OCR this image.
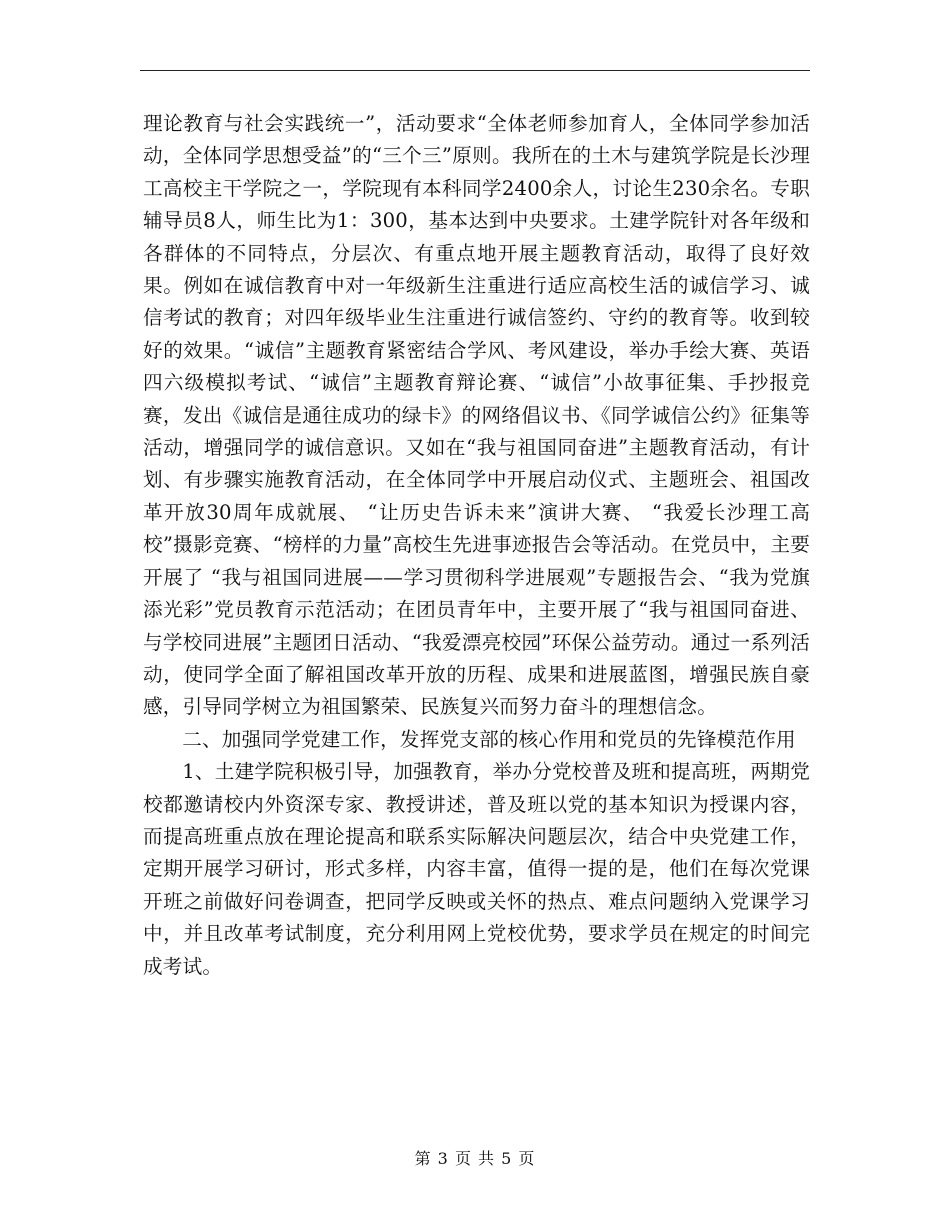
理论教育与社会实践统一”，活动要求“全体老师参加育人，全体同学参加活动，全体同学思想受益”的“三个三”原则。我所在的土木与建筑学院是长沙理工高校主干学院之一，学院现有本科同学2400余人，讨论生230余名。专职辅导员8人，师生比为1：300，基本达到中央要求。土建学院针对各年级和各群体的不同特点，分层次、有重点地开展主题教育活动，取得了良好效果。例如在诚信教育中对一年级新生注重进行适应高校生活的诚信学习、诚信考试的教育；对四年级毕业生注重进行诚信签约、守约的教育等。收到较好的效果。“诚信”主题教育紧密结合学风、考风建设，举办手绘大赛、英语四六级模拟考试、“诚信”主题教育辩论赛、“诚信”小故事征集、手抄报竞赛，发出《诚信是通往成功的绿卡》的网络倡议书、《同学诚信公约》征集等活动，增强同学的诚信意识。又如在“我与祖国同奋进”主题教育活动，有计划、有步骤实施教育活动，在全体同学中开展启动仪式、主题班会、祖国改革开放30周年成就展、 “让历史告诉未来”演讲大赛、 “我爱长沙理工高校”摄影竞赛、“榜样的力量”高校生先进事迹报告会等活动。在党员中，主要开展了 “我与祖国同进展——学习贯彻科学进展观”专题报告会、“我为党旗添光彩”党员教育示范活动；在团员青年中，主要开展了“我与祖国同奋进、与学校同进展”主题团日活动、“我爱漂亮校园”环保公益劳动。通过一系列活动，使同学全面了解祖国改革开放的历程、成果和进展蓝图，增强民族自豪感，引导同学树立为祖国繁荣、民族复兴而努力奋斗的理想信念。

二、加强同学党建工作，发挥党支部的核心作用和党员的先锋模范作用

1、土建学院积极引导，加强教育，举办分党校普及班和提高班，两期党校都邀请校内外资深专家、教授讲述，普及班以党的基本知识为授课内容，而提高班重点放在理论提高和联系实际解决问题层次，结合中央党建工作，定期开展学习研讨，形式多样，内容丰富，值得一提的是，他们在每次党课开班之前做好问卷调查，把同学反映或关怀的热点、难点问题纳入党课学习中，并且改革考试制度，充分利用网上党校优势，要求学员在规定的时间完成考试。

第 3 页 共 5 页
